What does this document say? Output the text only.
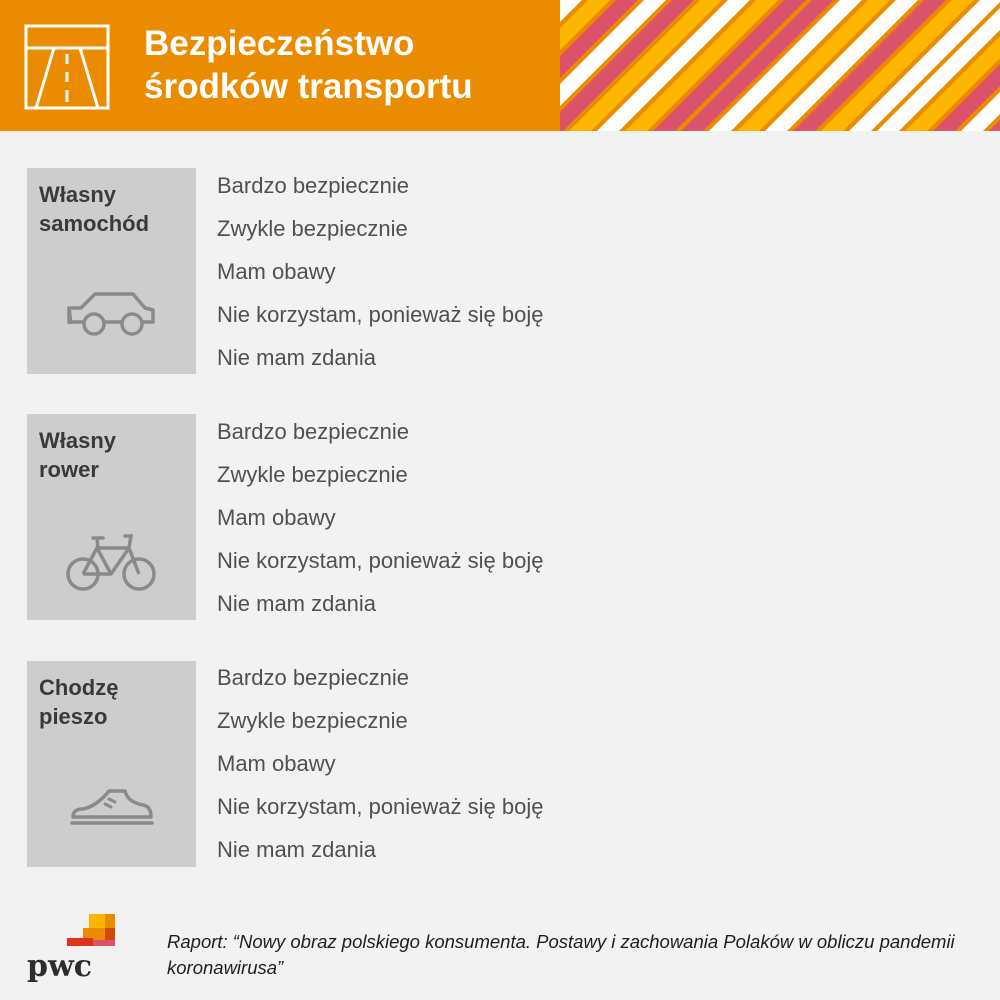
Bezpieczeństwo
środków transportu
Własny
samochód
Bardzo bezpiecznie
Zwykle bezpiecznie
Mam obawy
Nie korzystam, ponieważ się boję
Nie mam zdania
Własny
rower
Bardzo bezpiecznie
Zwykle bezpiecznie
Mam obawy
Nie korzystam, ponieważ się boję
Nie mam zdania
Chodzę
pieszo
Bardzo bezpiecznie
Zwykle bezpiecznie
Mam obawy
Nie korzystam, ponieważ się boję
Nie mam zdania
pwc

Raport: “Nowy obraz polskiego konsumenta. Postawy i zachowania Polaków w obliczu pandemii koronawirusa”
